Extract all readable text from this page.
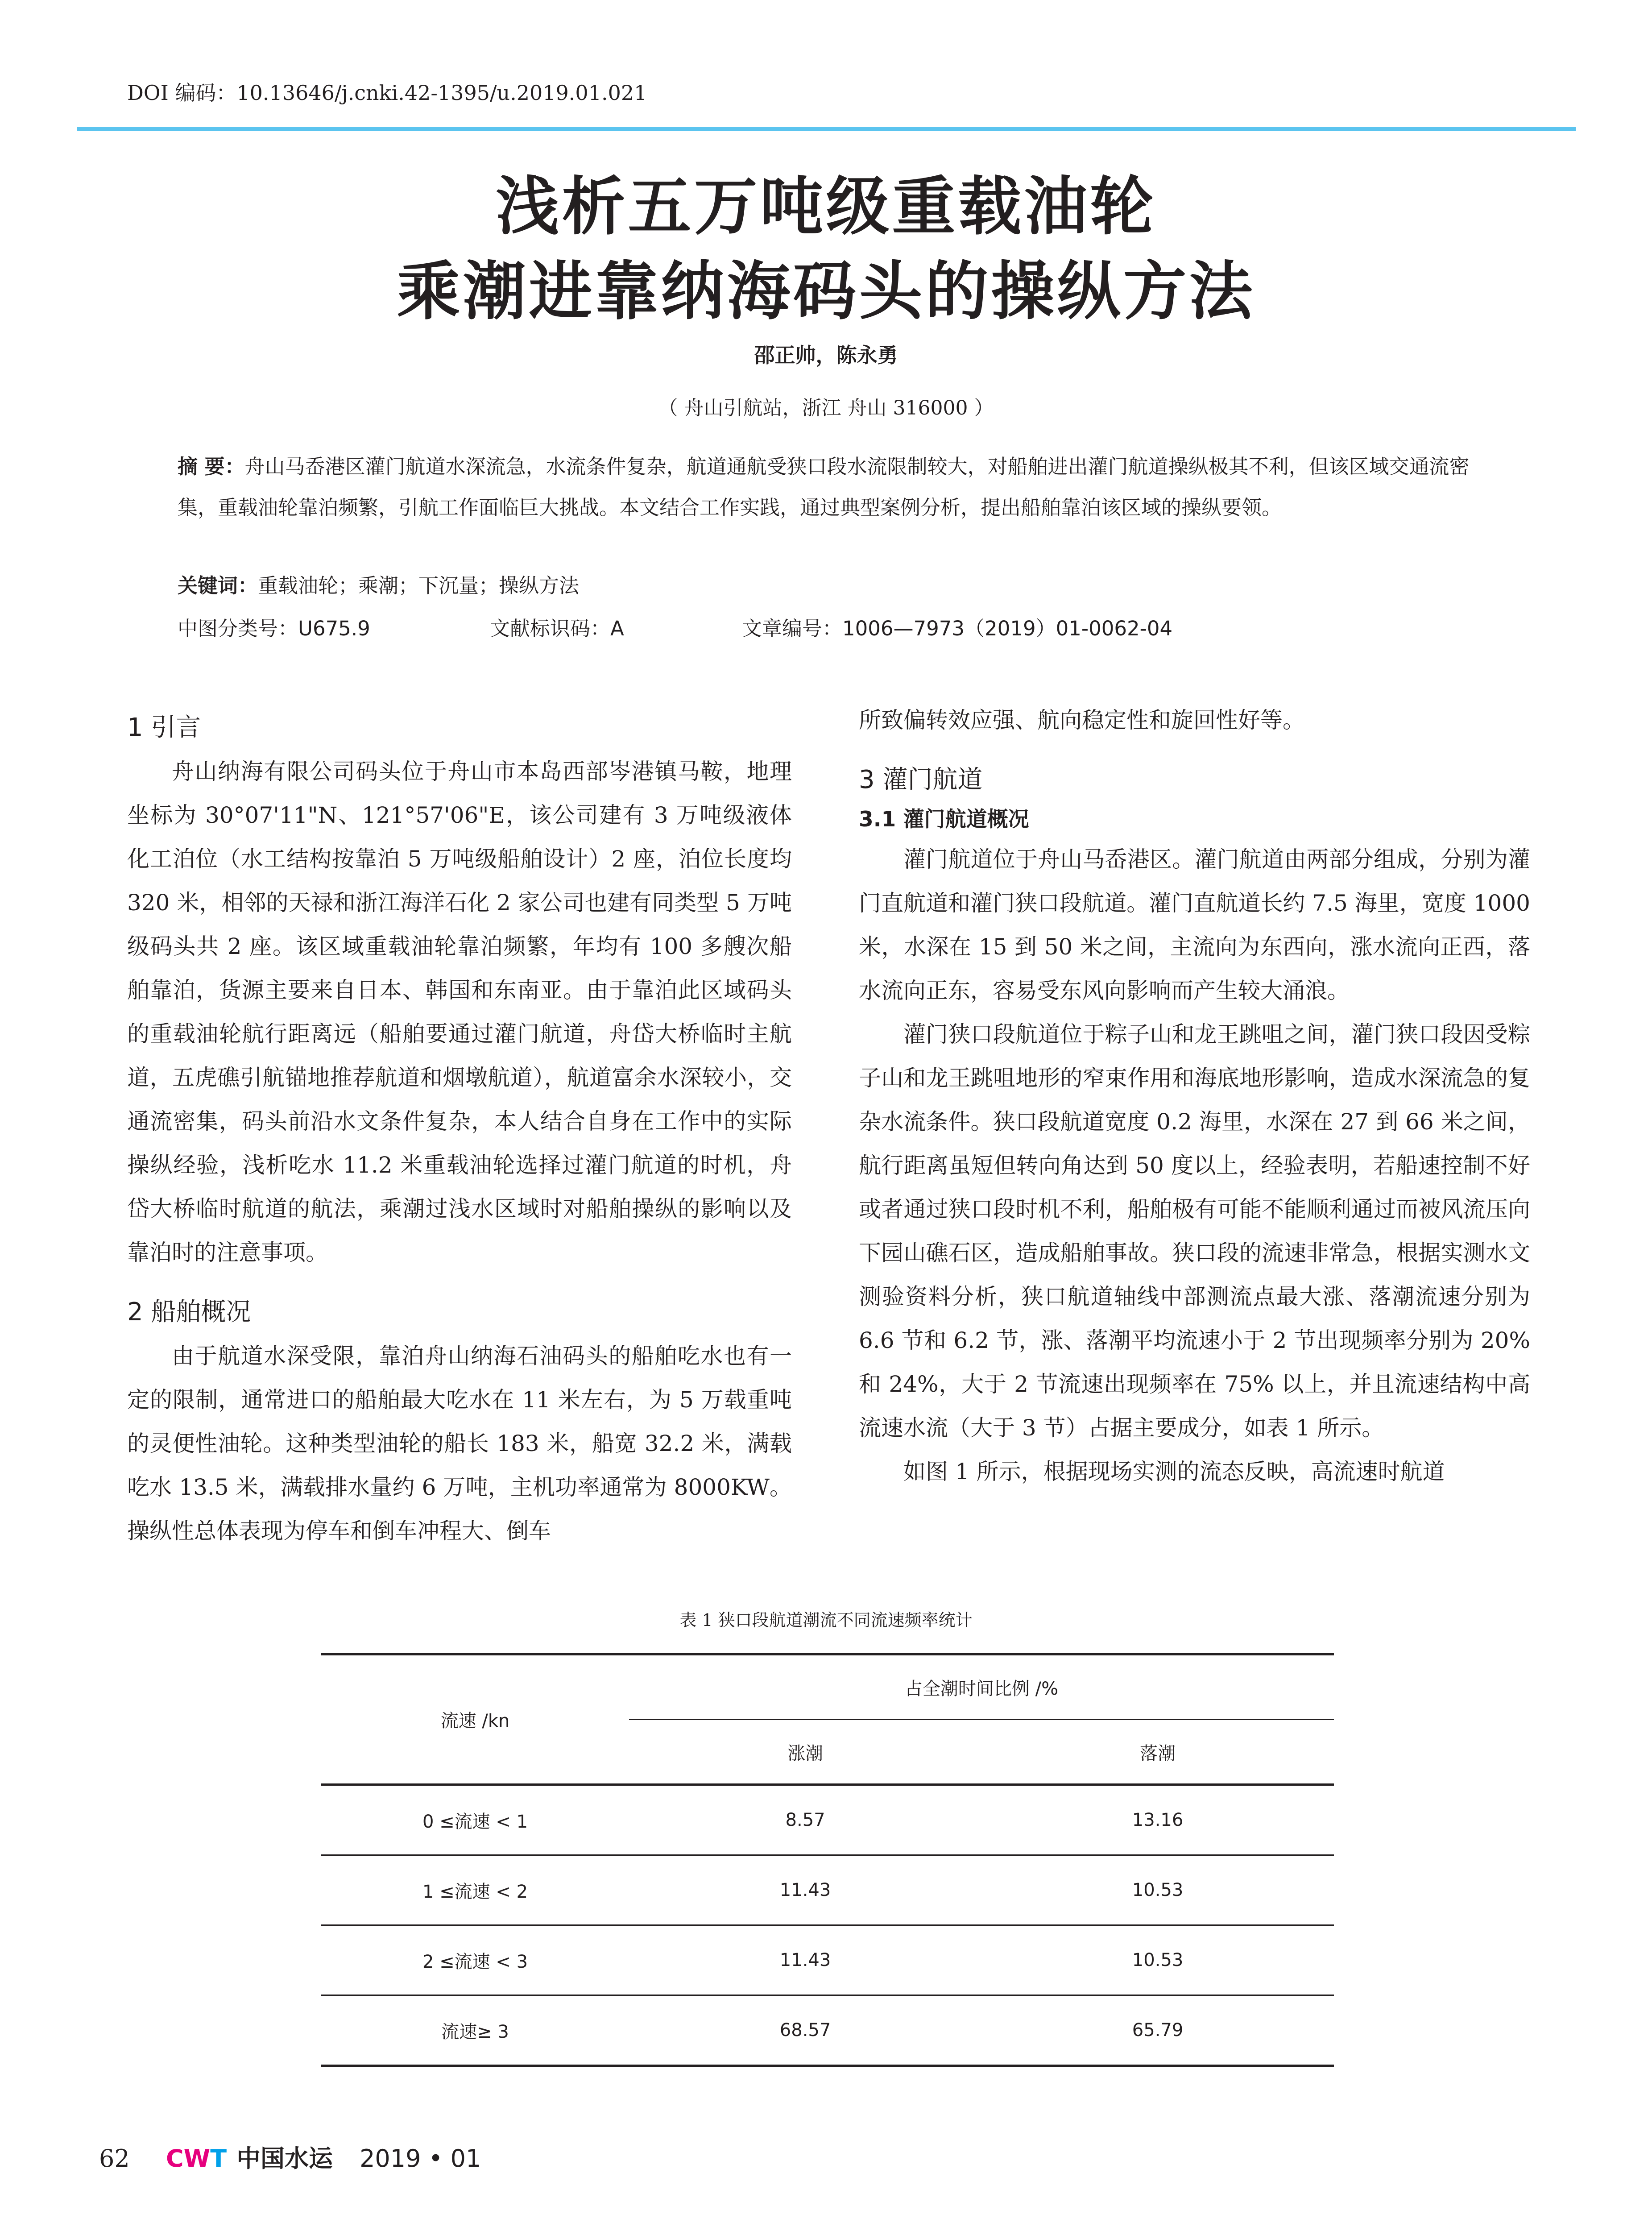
DOI 编码：10.13646/j.cnki.42-1395/u.2019.01.021
浅析五万吨级重载油轮
乘潮进靠纳海码头的操纵方法
邵正帅，陈永勇
（ 舟山引航站，浙江 舟山 316000 ）
摘 要：舟山马岙港区灌门航道水深流急，水流条件复杂，航道通航受狭口段水流限制较大，对船舶进出灌门航道操纵极其不利，但该区域交通流密集，重载油轮靠泊频繁，引航工作面临巨大挑战。本文结合工作实践，通过典型案例分析，提出船舶靠泊该区域的操纵要领。
关键词：重载油轮；乘潮；下沉量；操纵方法
中图分类号：U675.9	文献标识码：A	文章编号：1006—7973（2019）01-0062-04
1 引言

舟山纳海有限公司码头位于舟山市本岛西部岑港镇马鞍，地理坐标为 30°07'11"N、121°57'06"E，该公司建有 3 万吨级液体化工泊位（水工结构按靠泊 5 万吨级船舶设计）2 座，泊位长度均 320 米，相邻的天禄和浙江海洋石化 2 家公司也建有同类型 5 万吨级码头共 2 座。该区域重载油轮靠泊频繁，年均有 100 多艘次船舶靠泊，货源主要来自日本、韩国和东南亚。由于靠泊此区域码头的重载油轮航行距离远（船舶要通过灌门航道，舟岱大桥临时主航道，五虎礁引航锚地推荐航道和烟墩航道），航道富余水深较小，交通流密集，码头前沿水文条件复杂，本人结合自身在工作中的实际操纵经验，浅析吃水 11.2 米重载油轮选择过灌门航道的时机，舟岱大桥临时航道的航法，乘潮过浅水区域时对船舶操纵的影响以及靠泊时的注意事项。

2 船舶概况

由于航道水深受限，靠泊舟山纳海石油码头的船舶吃水也有一定的限制，通常进口的船舶最大吃水在 11 米左右，为 5 万载重吨的灵便性油轮。这种类型油轮的船长 183 米，船宽 32.2 米，满载吃水 13.5 米，满载排水量约 6 万吨，主机功率通常为 8000KW。操纵性总体表现为停车和倒车冲程大、倒车

所致偏转效应强、航向稳定性和旋回性好等。

3 灌门航道
3.1 灌门航道概况

灌门航道位于舟山马岙港区。灌门航道由两部分组成，分别为灌门直航道和灌门狭口段航道。灌门直航道长约 7.5 海里，宽度 1000 米，水深在 15 到 50 米之间，主流向为东西向，涨水流向正西，落水流向正东，容易受东风向影响而产生较大涌浪。

灌门狭口段航道位于粽子山和龙王跳咀之间，灌门狭口段因受粽子山和龙王跳咀地形的窄束作用和海底地形影响，造成水深流急的复杂水流条件。狭口段航道宽度 0.2 海里，水深在 27 到 66 米之间，航行距离虽短但转向角达到 50 度以上，经验表明，若船速控制不好或者通过狭口段时机不利，船舶极有可能不能顺利通过而被风流压向下园山礁石区，造成船舶事故。狭口段的流速非常急，根据实测水文测验资料分析，狭口航道轴线中部测流点最大涨、落潮流速分别为 6.6 节和 6.2 节，涨、落潮平均流速小于 2 节出现频率分别为 20% 和 24%，大于 2 节流速出现频率在 75% 以上，并且流速结构中高流速水流（大于 3 节）占据主要成分，如表 1 所示。

如图 1 所示，根据现场实测的流态反映，高流速时航道

表 1 狭口段航道潮流不同流速频率统计
流速 /kn	占全潮时间比例 /%	
	涨潮	落潮
0 ≤流速 < 1	8.57	13.16
1 ≤流速 < 2	11.43	10.53
2 ≤流速 < 3	11.43	10.53
流速≥ 3	68.57	65.79
62 CWT 中国水运 2019 • 01
